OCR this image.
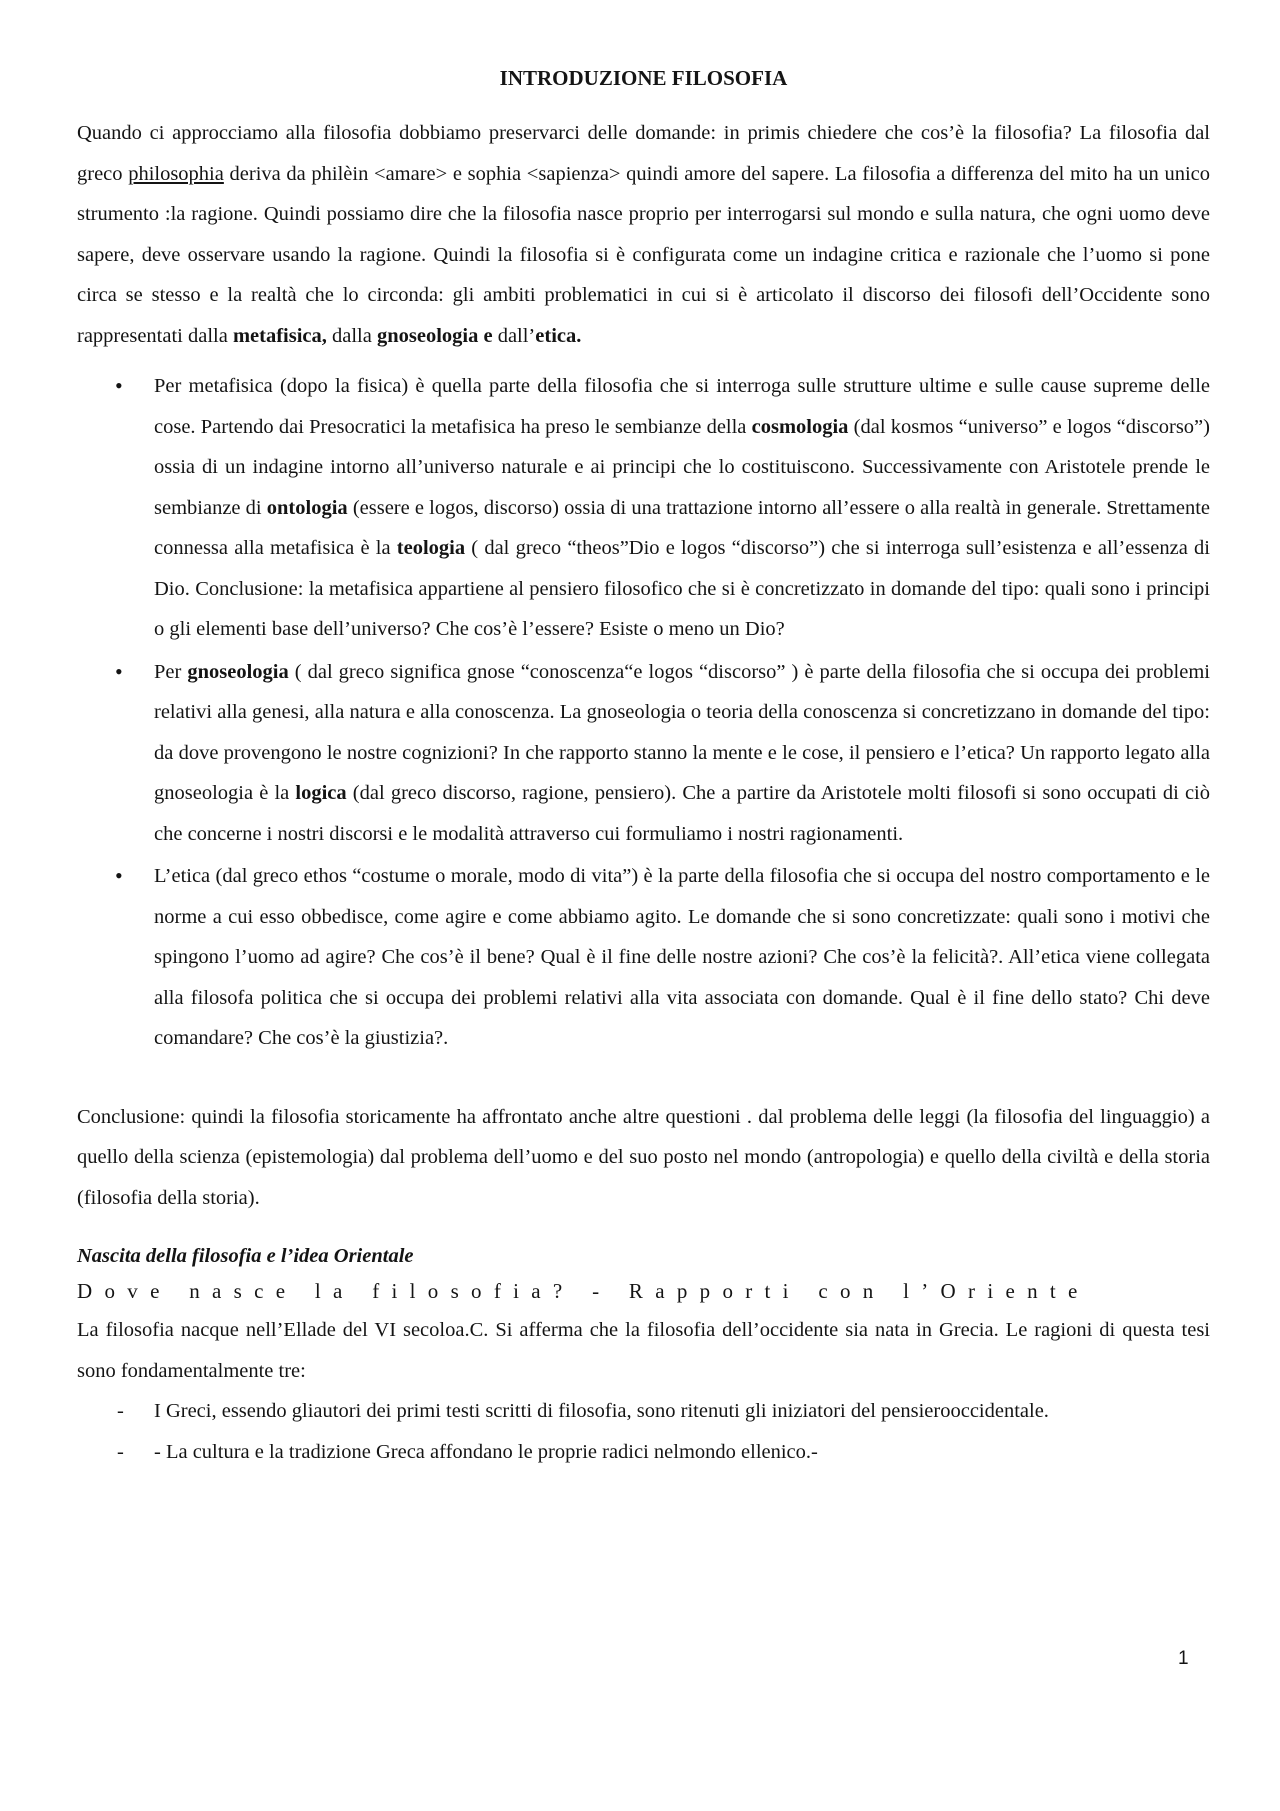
INTRODUZIONE FILOSOFIA

Quando ci approcciamo alla filosofia dobbiamo preservarci delle domande: in primis chiedere che cos’è la filosofia? La filosofia dal greco philosophia deriva da philèin <amare> e sophia <sapienza> quindi amore del sapere. La filosofia a differenza del mito ha un unico strumento :la ragione. Quindi possiamo dire che la filosofia nasce proprio per interrogarsi sul mondo e sulla natura, che ogni uomo deve sapere, deve osservare usando la ragione. Quindi la filosofia si è configurata come un indagine critica e razionale che l’uomo si pone circa se stesso e la realtà che lo circonda: gli ambiti problematici in cui si è articolato il discorso dei filosofi dell’Occidente sono rappresentati dalla metafisica, dalla gnoseologia e dall’etica.

• Per metafisica (dopo la fisica) è quella parte della filosofia che si interroga sulle strutture ultime e sulle cause supreme delle cose. Partendo dai Presocratici la metafisica ha preso le sembianze della cosmologia (dal kosmos “universo” e logos “discorso”) ossia di un indagine intorno all’universo naturale e ai principi che lo costituiscono. Successivamente con Aristotele prende le sembianze di ontologia (essere e logos, discorso) ossia di una trattazione intorno all’essere o alla realtà in generale. Strettamente connessa alla metafisica è la teologia ( dal greco “theos”Dio e logos “discorso”) che si interroga sull’esistenza e all’essenza di Dio. Conclusione: la metafisica appartiene al pensiero filosofico che si è concretizzato in domande del tipo: quali sono i principi o gli elementi base dell’universo? Che cos’è l’essere? Esiste o meno un Dio?

• Per gnoseologia ( dal greco significa gnose “conoscenza“e logos “discorso” ) è parte della filosofia che si occupa dei problemi relativi alla genesi, alla natura e alla conoscenza. La gnoseologia o teoria della conoscenza si concretizzano in domande del tipo: da dove provengono le nostre cognizioni? In che rapporto stanno la mente e le cose, il pensiero e l’etica? Un rapporto legato alla gnoseologia è la logica (dal greco discorso, ragione, pensiero). Che a partire da Aristotele molti filosofi si sono occupati di ciò che concerne i nostri discorsi e le modalità attraverso cui formuliamo i nostri ragionamenti.

• L’etica (dal greco ethos “costume o morale, modo di vita”) è la parte della filosofia che si occupa del nostro comportamento e le norme a cui esso obbedisce, come agire e come abbiamo agito. Le domande che si sono concretizzate: quali sono i motivi che spingono l’uomo ad agire? Che cos’è il bene? Qual è il fine delle nostre azioni? Che cos’è la felicità?. All’etica viene collegata alla filosofa politica che si occupa dei problemi relativi alla vita associata con domande. Qual è il fine dello stato? Chi deve comandare? Che cos’è la giustizia?.

Conclusione: quindi la filosofia storicamente ha affrontato anche altre questioni . dal problema delle leggi (la filosofia del linguaggio) a quello della scienza (epistemologia) dal problema dell’uomo e del suo posto nel mondo (antropologia) e quello della civiltà e della storia (filosofia della storia).

Nascita della filosofia e l’idea Orientale
Dove nasce la filosofia? - Rapporti con l’Oriente

La filosofia nacque nell’Ellade del VI secoloa.C. Si afferma che la filosofia dell’occidente sia nata in Grecia. Le ragioni di questa tesi sono fondamentalmente tre:

- I Greci, essendo gliautori dei primi testi scritti di filosofia, sono ritenuti gli iniziatori del pensierooccidentale.
- - La cultura e la tradizione Greca affondano le proprie radici nelmondo ellenico.-
1
